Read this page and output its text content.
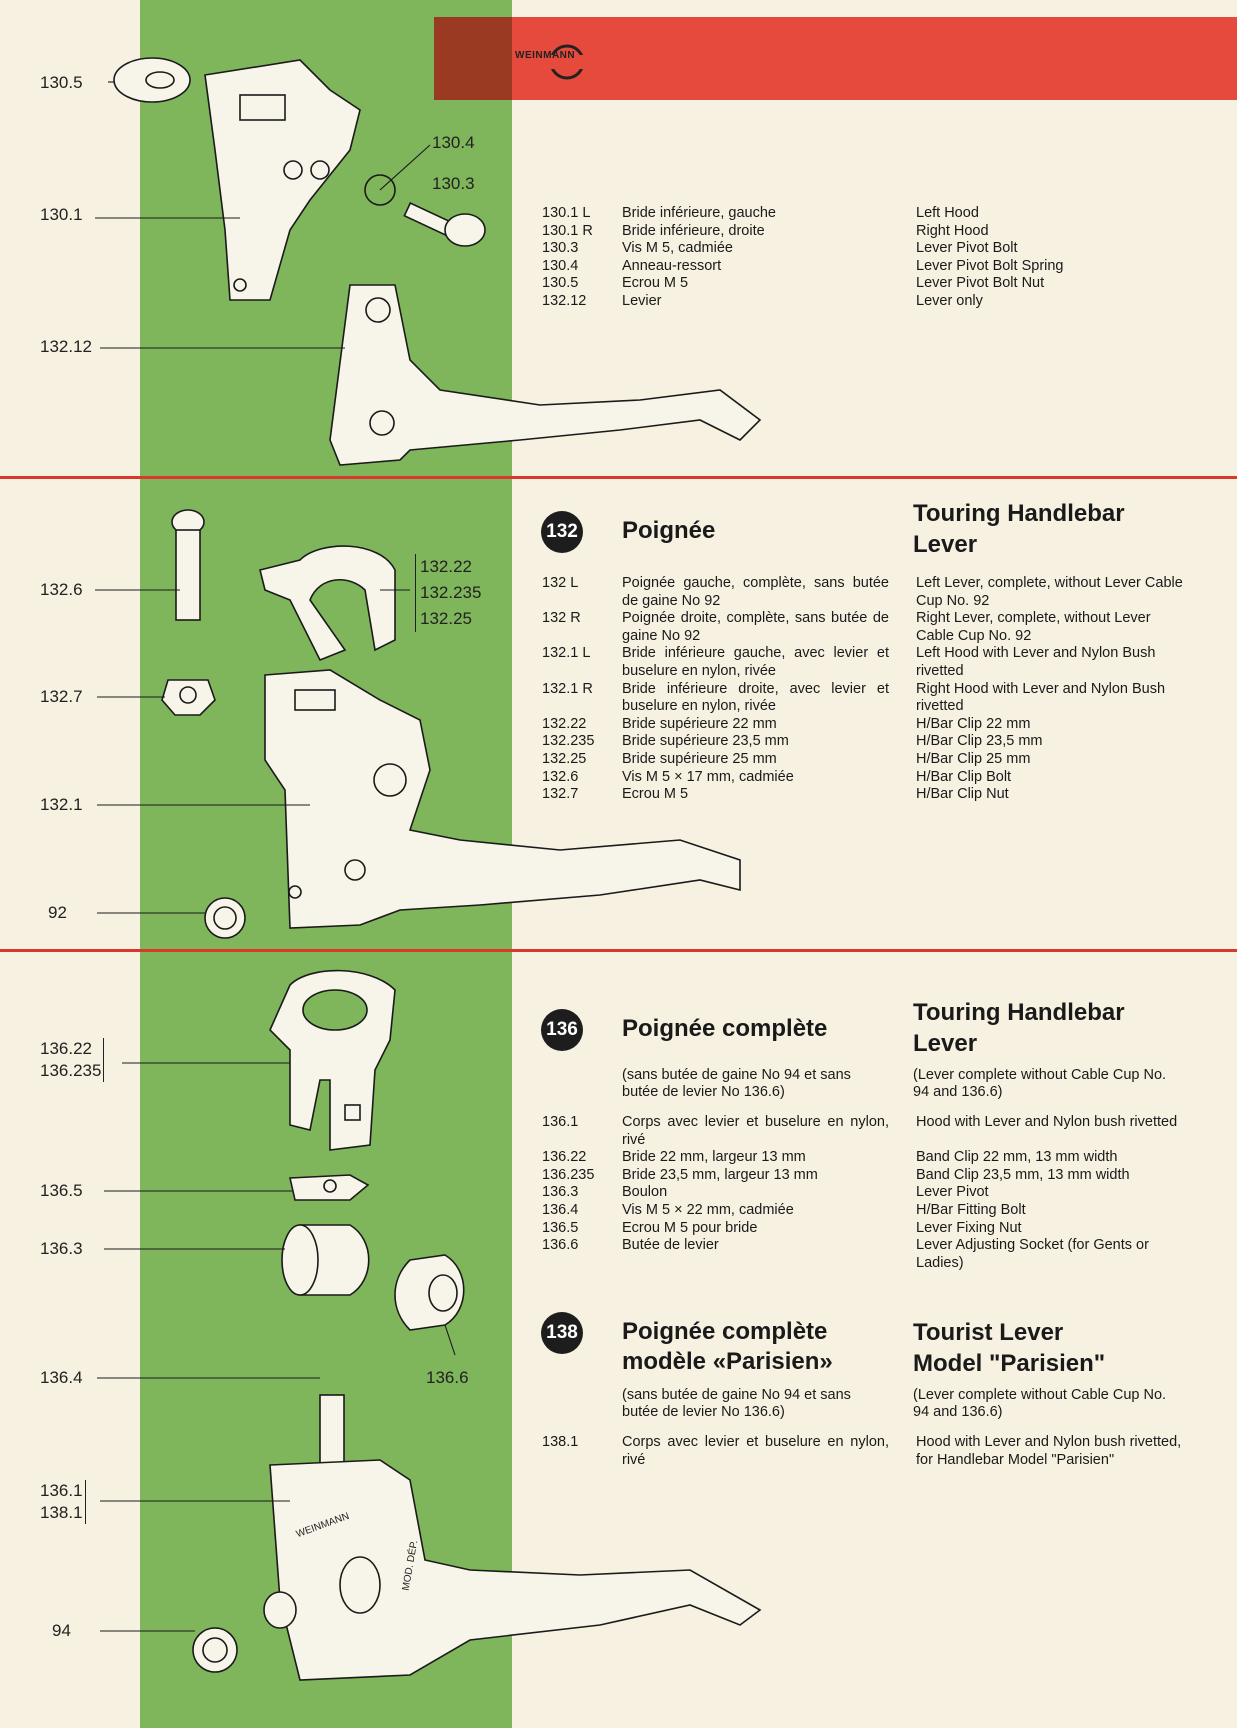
WEINMANN
WEINMANN
MOD. DÉP.
130.5
130.4
130.3
130.1
132.12
130.1 L	Bride inférieure, gauche	Left Hood
130.1 R	Bride inférieure, droite	Right Hood
130.3	Vis M 5, cadmiée	Lever Pivot Bolt
130.4	Anneau-ressort	Lever Pivot Bolt Spring
130.5	Ecrou M 5	Lever Pivot Bolt Nut
132.12	Levier	Lever only
132.6
132.7
132.1
92
132.22
132.235
132.25
132 Poignée
Touring Handlebar Lever
132 L	Poignée gauche, complète, sans butée de gaine No 92
Left Lever, complete, without Lever Cable Cup No. 92
132 R	Poignée droite, complète, sans butée de gaine No 92
Right Lever, complete, without Lever Cable Cup No. 92
132.1 L	Bride inférieure gauche, avec levier et buselure en nylon, rivée
Left Hood with Lever and Nylon Bush rivetted
132.1 R	Bride inférieure droite, avec levier et buselure en nylon, rivée
Right Hood with Lever and Nylon Bush rivetted
132.22	Bride supérieure 22 mm	H/Bar Clip 22 mm
132.235	Bride supérieure 23,5 mm	H/Bar Clip 23,5 mm
132.25	Bride supérieure 25 mm	H/Bar Clip 25 mm
132.6	Vis M 5 × 17 mm, cadmiée	H/Bar Clip Bolt
132.7	Ecrou M 5	H/Bar Clip Nut
136.22
136.235
136.5
136.3
136.4	136.6
136.1
138.1
94
136 Poignée complète
Touring Handlebar Lever
(sans butée de gaine No 94 et sans butée de levier No 136.6)
(Lever complete without Cable Cup No. 94 and 136.6)
136.1	Corps avec levier et buselure en nylon, rivé
Hood with Lever and Nylon bush rivetted
136.22	Bride 22 mm, largeur 13 mm	Band Clip 22 mm, 13 mm width
136.235	Bride 23,5 mm, largeur 13 mm	Band Clip 23,5 mm, 13 mm width
136.3	Boulon	Lever Pivot
136.4	Vis M 5 × 22 mm, cadmiée	H/Bar Fitting Bolt
136.5	Ecrou M 5 pour bride	Lever Fixing Nut
136.6	Butée de levier	Lever Adjusting Socket (for Gents or Ladies)
138 Poignée complète
modèle «Parisien»
Tourist Lever
Model "Parisien"
(sans butée de gaine No 94 et sans butée de levier No 136.6)
(Lever complete without Cable Cup No. 94 and 136.6)
138.1	Corps avec levier et buselure en nylon, rivé
Hood with Lever and Nylon bush rivetted, for Handlebar Model "Parisien"
